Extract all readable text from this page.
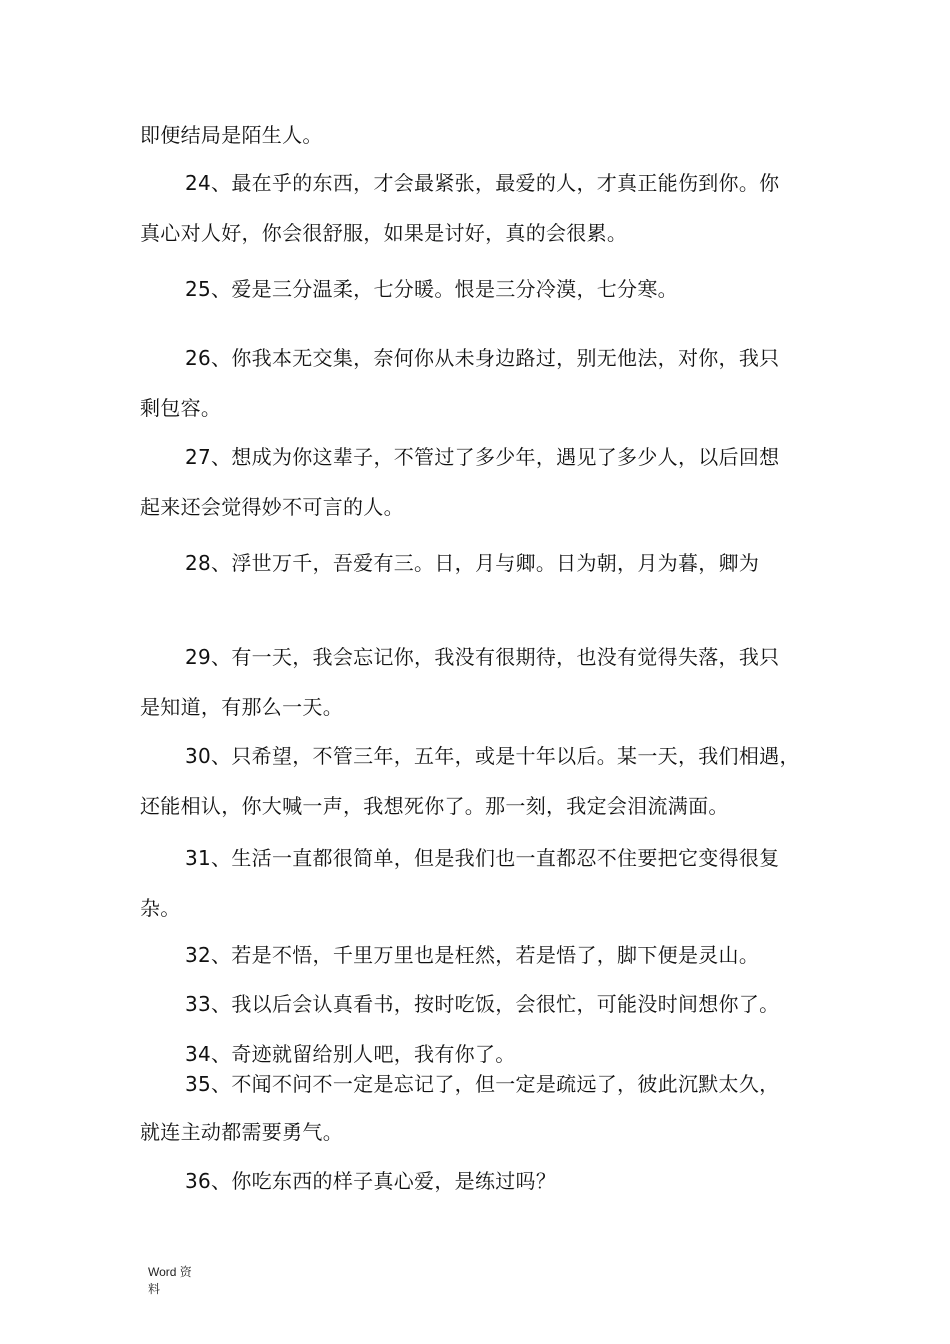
即便结局是陌生人。
24、最在乎的东西，才会最紧张，最爱的人，才真正能伤到你。你
真心对人好，你会很舒服，如果是讨好，真的会很累。
25、爱是三分温柔，七分暖。恨是三分冷漠，七分寒。
26、你我本无交集，奈何你从未身边路过，别无他法，对你，我只
剩包容。
27、想成为你这辈子，不管过了多少年，遇见了多少人，以后回想
起来还会觉得妙不可言的人。
28、浮世万千，吾爱有三。日，月与卿。日为朝，月为暮，卿为
29、有一天，我会忘记你，我没有很期待，也没有觉得失落，我只
是知道，有那么一天。
30、只希望，不管三年，五年，或是十年以后。某一天，我们相遇，
还能相认，你大喊一声，我想死你了。那一刻，我定会泪流满面。
31、生活一直都很简单，但是我们也一直都忍不住要把它变得很复
杂。
32、若是不悟，千里万里也是枉然，若是悟了，脚下便是灵山。
33、我以后会认真看书，按时吃饭，会很忙，可能没时间想你了。
34、奇迹就留给别人吧，我有你了。
35、不闻不问不一定是忘记了，但一定是疏远了，彼此沉默太久，
就连主动都需要勇气。
36、你吃东西的样子真心爱，是练过吗？
Word 资
料
